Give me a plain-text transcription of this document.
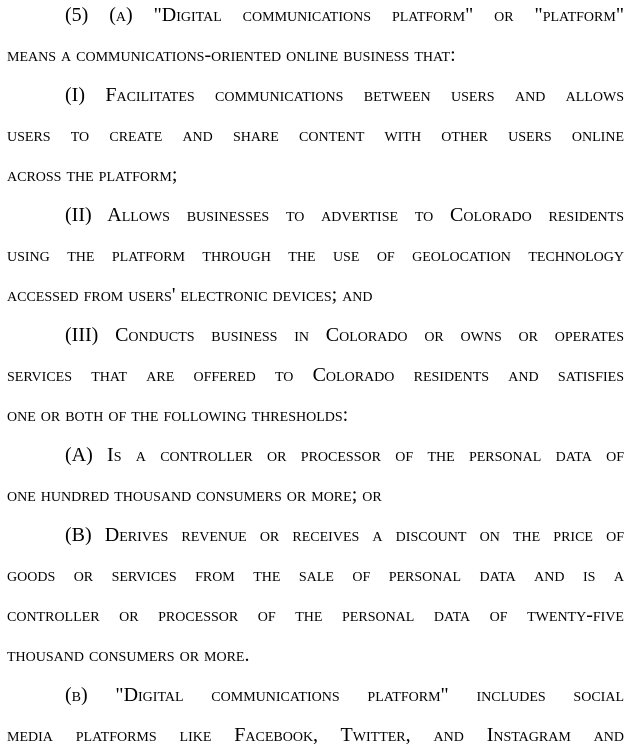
(5) (a) "Digital communications platform" or "platform"
means a communications-oriented online business that:
(I) Facilitates communications between users and allows
users to create and share content with other users online
across the platform;
(II) Allows businesses to advertise to Colorado residents
using the platform through the use of geolocation technology
accessed from users' electronic devices; and
(III) Conducts business in Colorado or owns or operates
services that are offered to Colorado residents and satisfies
one or both of the following thresholds:
(A) Is a controller or processor of the personal data of
one hundred thousand consumers or more; or
(B) Derives revenue or receives a discount on the price of
goods or services from the sale of personal data and is a
controller or processor of the personal data of twenty-five
thousand consumers or more.
(b) "Digital communications platform" includes social
media platforms like Facebook, Twitter, and Instagram and
